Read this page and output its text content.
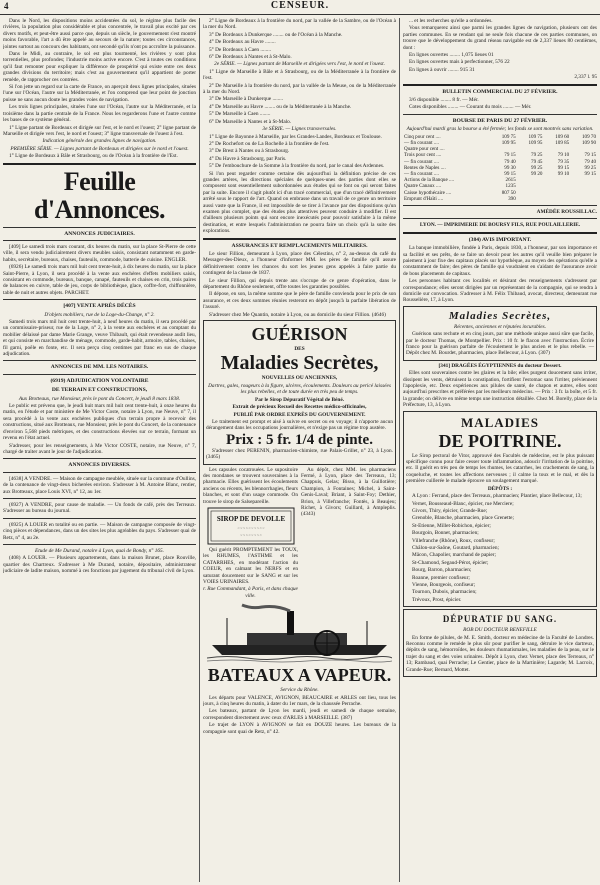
4	CENSEUR.

Dans le Nord, les dispositions moins accidentées du sol, le régime plus facile des rivières, la population plus considérable et plus concentrée, le travail plus excité par ces divers motifs, et peut-être aussi parce que, depuis un siècle, le gouvernement s'est montré moins favorable, l'art a dû être appelé au secours de la nature; toutes ces circonstances, jointes surtout au concours des habitants, ont secondé qu'ils n'ont pu accroître la puissance.

Dans le Midi, au contraire, le sol est plus tourmenté, les rivières y sont plus torrentielles, plus profondes; l'industrie moins active encore. C'est à toutes ces conditions qu'il faut remonter pour expliquer la différence de prospérité qui existe entre ces deux grandes divisions du territoire; mais c'est au gouvernement qu'il appartient de porter remède, de rapprocher ces contrées.

Si l'on jette un regard sur la carte de France, on aperçoit deux lignes principales, situées l'une sur l'Océan, l'autre sur la Méditerranée, et l'on comprend que leur point de jonction puisse ne sans aucun doute les grandes voies de navigation.

Les trois lignes principales, situées l'une sur l'Océan, l'autre sur la Méditerranée, et la troisième dans la partie centrale de la France. Nous les regarderons l'une et l'autre comme les bases de ce système général.

1° Ligne partant de Bordeaux et dirigée sur l'est, et le nord et l'ouest; 2° ligne partant de Marseille et dirigée vers l'est, le nord et l'ouest; 3° ligne transversale de l'ouest à l'est.

Indication générale des grandes lignes de navigation.

PREMIÈRE SÉRIE. — Lignes partant de Bordeaux et dirigées sur le nord et l'ouest.

1° Ligne de Bordeaux à Bâle et Strasbourg, ou de l'Océan à la frontière de l'Est.

Feuille d'Annonces.
ANNONCES JUDICIAIRES.

[409] Le samedi trois mars courant, dix heures du matin, sur la place St-Pierre de cette ville, il sera vendu judiciairement divers meubles saisis, consistant notamment en garde-habits, secrétaire, bureaux, chaises, fauteuils, commode, batterie de cuisine. ENGLER.

(6926) Le samedi trois mars mil huit cent trente-huit, à dix heures du matin, sur la place Saint-Pierre, à Lyon, il sera procédé à la vente aux enchères d'effets mobiliers saisis, consistant en commode, bureaux, banque, canapé, fauteuils et chaises en crin, trois paires de balances en cuivre, table de jeu, corps de bibliothèque, glace, coffre-fort, chiffonnière, table de nuit et autres objets. PARCHET.

[407] VENTE APRÈS DÉCÈS

D'objets mobiliers, rue de la Loge-du-Change, n° 2.

Samedi trois mars mil huit cent trente-huit, à neuf heures du matin, il sera procédé par un commissaire-priseur, rue de la Loge, n° 2, à la vente aux enchères et au comptant du mobilier délaissé par dame Marie Grange, veuve Thibault, qui était revendeuse audit lieu, et qui consiste en marchandise de ménage, commode, garde-habit, armoire, tables, chaises, fil garni, poêle en fonte, etc. Il sera perçu cinq centimes par franc en sus de chaque adjudication.

ANNONCES DE MM. LES NOTAIRES.
(6919) ADJUDICATION VOLONTAIRE
DE TERRAIN ET CONSTRUCTIONS,

Aux Brotteaux, rue Monsieur, près le pont du Concert, le jeudi 8 mars 1838.

Le public est prévenu que, le jeudi huit mars mil huit cent trente-huit, à onze heures du matin, en l'étude et par ministère de Me Victor Coste, notaire à Lyon, rue Neuve, n° 7, il sera procédé à la vente aux enchères publiques d'un terrain propre à recevoir des constructions, situé aux Brotteaux, rue Monsieur, près le pont du Concert, de la contenance d'environ 5,568 pieds métriques, et des constructions élevées sur ce terrain, formant un revenu en l'état actuel.

S'adresser, pour les renseignements, à Me Victor COSTE, notaire, rue Neuve, n° 7, chargé de traiter avant le jour de l'adjudication.

ANNONCES DIVERSES.

[4638] A VENDRE. — Maison de campagne meublée, située sur la commune d'Oullins, de la contenance de vingt-deux bicherées environ. S'adresser à M. Antoine Blanc, rentier, aux Brotteaux, place Louis XVI, n° 12, au 1er.

(6927) A VENDRE, pour cause de maladie. — Un fonds de café, près des Terreaux. S'adresser au bureau du journal.

(6925) A LOUER en totalité ou en partie. — Maison de campagne composée de vingt-cinq pièces et dépendances, dans un des sites les plus agréables du pays. S'adresser quai de Retz, n° 4, au 2e.

Etude de Me Durand, notaire à Lyon, quai de Bondy, n° 165.

(408) A LOUER. — Plusieurs appartements, dans la maison Brunet, place Rouville, quartier des Chartreux. S'adresser à Me Durand, notaire, dépositaire, administrateur judiciaire de ladite maison, nommé à ces fonctions par jugement du tribunal civil de Lyon.

2° Ligne de Bordeaux à la frontière du nord, par la vallée de la Sambre, ou de l'Océan à la mer du Nord.

3° De Bordeaux à Dunkerque ........ ou de l'Océan à la Manche.

4° De Bordeaux au Havre ........

5° De Bordeaux à Caen ........

6° De Bordeaux à Nantes et à St-Malo.

2e SÉRIE. — Lignes partant de Marseille et dirigées vers l'est, le nord et l'ouest.

1° Ligne de Marseille à Bâle et à Strasbourg, ou de la Méditerranée à la frontière de l'est.

2° De Marseille à la frontière du nord, par la vallée de la Meuse, ou de la Méditerranée à la mer du Nord.

3° De Marseille à Dunkerque ........

4° De Marseille au Havre ........ ou de la Méditerranée à la Manche.

5° De Marseille à Caen ........

6° De Marseille à Nantes et à St-Malo.

3e SÉRIE. — Lignes transversales.

1° Ligne de Bayonne à Marseille, par les Grandes-Landes, Bordeaux et Toulouse.

2° De Rochefort ou de La Rochelle à la frontière de l'est.

3° De Brest à Nantes ou à Strasbourg.

4° Du Havre à Strasbourg, par Paris.

5° De l'embouchure de la Somme à la frontière du nord, par le canal des Ardennes.

Si l'on peut regarder comme certaine dès aujourd'hui la définition précise de ces grandes artères, les directions spéciales de quelques-unes des parties dont elles se composent sont essentiellement subordonnées aux études qui se font ou qui seront faites par la suite. Encore il s'agit plutôt ici d'un tracé commercial, que d'un tracé définitivement arrêté sous le rapport de l'art. Quand on embrasse dans un travail de ce genre un territoire aussi vaste que la France, il est impossible de se tirer à l'avance par des dispositions qu'un examen plus complet, que des études plus attentives peuvent conduire à modifier. Il est d'ailleurs plusieurs points qui sont encore inexécutés pour pouvoir satisfaire à la même destination, et entre lesquels l'administration ne pourra faire un choix qu'à la suite des explorations.

ASSURANCES ET REMPLACEMENTS MILITAIRES.

Le sieur Fillion, demeurant à Lyon, place des Célestins, n° 2, au-dessus du café du Messager-des-Dieux, a l'honneur d'informer MM. les pères de famille qu'il assure définitivement contre les chances du sort les jeunes gens appelés à faire partie du contingent de la classe de 1837.

Le sieur Fillion, qui depuis trente ans s'occupe de ce genre d'opération, dans le département du Rhône seulement, offre toutes les garanties possibles.

Il dépose, en son, la même somme que le père de famille convienda pour le prix de son assurance, et ces deux sommes réunies resteront en dépôt jusqu'à la parfaite libération de l'assuré.

S'adresser chez Me Quantin, notaire à Lyon, ou au domicile du sieur Fillion. (4646)

GUÉRISON

DES

Maladies Secrètes,

NOUVELLES OU ANCIENNES,

Dartres, gales, rougeurs à la figure, ulcères, écoulements. Douleurs au pericé laissées les plus rebelles, et de toute durée en très peu de temps.

Par le Sirop Dépuratif Végétal de Béné.

Extrait de précieux Recueil des Recettes médico-officinales,

PUBLIÉ PAR ORDRE EXPRÈS DU GOUVERNEMENT.

Le traitement est prompt et aisé à suivre en secret ou en voyage; il n'apporte aucun dérangement dans les occupations journalières, et n'exige pas un régime trop austère.

Prix : 5 fr. 1/4 de pinte.

S'adresser chez PERENIN, pharmacien-chimiste, rue Palais-Grillet, n° 23, à Lyon. (3465)

Les capsules cocatrouées. Le supositoire des mondanes se trouvent souveraines à la pharmacie. Elles guérissent les écoulements anciens ou récents, les blennorrhagies, fleurs blanches, et sont d'un usage commode. On trouve le sirop de Salsepareille.

SIROP DE DEVOLLE
~ ~ ~ ~ ~ ~ ~ ~ ~ ~
~ ~ ~ ~ ~ ~ ~ ~

Qui guérit PROMPTEMENT les TOUX, les RHUMES, l'ASTHME et les CATARRHES, en modérant l'action du COEUR, en calmant les NERFS et en saturant doucement sur le SANG et sur les VOIES URINAIRES.

r. Rue Commandant, à Paris, et dans chaque ville.

Au dépôt, chez MM. les pharmaciens Fermé, à Lyon, place des Terreaux, 13; Chappuis, Gelas; Bisso, à la Guillotière; Champion, à Fontaines; Michel, à Saint-Genis-Laval; Briant, à Saint-Foy; Dethier, Brion, à Villefranche; Fontès, à Beaujeu; Richet, à Givors; Guillard, à Ampleplis. (4343)

BATEAUX A VAPEUR.

Service du Rhône.

Les départs pour VALENCE, AVIGNON, BEAUCAIRE et ARLES ont lieu, tous les jours, à cinq heures du matin, à dater du 1er mars, de la chaussée Perrache.

Les bateaux, partant de Lyon les mardi, jeudi et samedi de chaque semaine, correspondent directement avec ceux d'ARLES à MARSEILLE. (387)

Le trajet de LYON à AVIGNON se fait en DOUZE heures. Les bureaux de la compagnie sont quai de Retz, n° 42.

... et les recherches qu'elle a ordonnées.

Vous remarquerez ainsi que parmi les grandes lignes de navigation, plusieurs ont des parties communes. En se rendant qui ne seule fois chacune de ces parties communes, on trouve que le développement du grand réseau navigable est de 2,337 lieues 80 centièmes, dont :

En lignes ouvertes ........ 1,075 lieues 01

En lignes ouvertes mais à perfectionner, 576 22

En lignes à ouvrir ........ 915 31

2,337 l. 95

BULLETIN COMMERCIAL DU 27 FÉVRIER.

3/6 disponible ........ 8 fr. — Mér.

Cotes disponibles ........ — Courant du mois ........ — Mér.

BOURSE DE PARIS DU 27 FÉVRIER.

Aujourd'hui mardi gras la bourse a été fermée; les fonds se sont montrés sans variation.

Cinq pour cent ....	109 75	109 75	109 60	109 70
— fin courant ....	109 95	109 95	109 85	109 90
Quatre pour cent ....				
Trois pour cent ....	79 15	79 25	79 10	79 15
— fin courant ....	79 40	79 45	79 35	79 40
Rentes de Naples ....	99 30	99 25	99 15	99 25
— fin courant ....	99 15	99 20	99 10	99 15
Actions de la Banque ....	2615			
Quatre Canaux ....	1235			
Caisse hypothécaire ....	807 50			
Emprunt d'Haïti ....	390			

AMÉDÉE ROUSSILLAC.

LYON. — IMPRIMERIE DE BOURSY FILS, RUE POULAILLERIE.

(384) AVIS IMPORTANT.

La banque immobilière, fondée à Paris, depuis 1830, a l'honneur, par son importance et sa facilité et ses prêts, de se faire un devoir pour les autres qu'il veuille bien préparer le paiement à jour fixe des capitaux placés sur hypothèque, au moyen des opérations qu'elle a constamment de faire; des pères de famille qui voudraient en s'aidant de l'assurance avoir de bons placements de capitaux.

Les personnes habitant ces localités et désirant des renseignements s'adressent par correspondance; elles seront dirigées par un représentant de la compagnie, qui se rendra à domicile sur convocation. S'adresser à M. Félix Thibaud, avocat, directeur, demeurant rue Rousselière, 17, à Lyon.

Maladies Secrètes,

Récentes, anciennes et réputées incurables.

Guérison sans rechute et en cinq jours, par une méthode unique aussi sûre que facile, par le docteur Thomas, de Montpellier. Prix : 10 fr. le flacon avec l'instruction. Écrire franco pour la guérison parfaite de l'écoulement le plus ancien et le plus rebelle. — Dépôt chez M. Bourdet, pharmacien, place Bellecour, à Lyon. (307)

[341] DRAGÉES ÉGYPTIENNES du docteur Dessert.

Elles sont souveraines contre les glaires et la bile; elles purgent doucement sans irriter, dissipent les vents, détruisent la constipation, fortifient l'estomac sans l'irriter, préviennent l'apoplexie, etc. Deux expériences aux pilules de santé, de chapon et autres, elles sont aujourd'hui prescrites et préférées par les meilleurs médecins. — Prix : 3 fr. la boîte, et 5 fr. la grande; on délivre en même temps une instruction détaillée. Chez M. Borelly, place de la Préfecture, 13, à Lyon.

MALADIES
DE POITRINE.

Le Sirop pectoral de Vitor, approuvé des Facultés de médecine, est le plus puissant spécifique connu pour faire cesser toute inflammation, adoucir l'irritation de la poitrine, etc. Il guérit en très peu de temps les rhumes, les catarrhes, les crachements de sang, la coqueluche, et toutes les affections nerveuses ; il calme la toux et le mal, et dès la première cuillerée le malade éprouve un soulagement marqué.

DÉPÔTS :

A Lyon : Ferrand, place des Terreaux, pharmacien; Plantier, place Bellecour, 13;

Vernet, Bousseaud-Blanc, épicier, rue Merciere;

Givors, Thiry, épicier, Grande-Rue;

Grenoble, Blanche, pharmacien, place Grenette;

St-Etienne, Millet-Robichon, épicier;

Bourgoin, Bonnet, pharmacien;

Villefranche (Rhône), Roux, confiseur;

Châlon-sur-Saône, Goutard, pharmacien;

Mâcon, Chapolier, marchand de papier;

St-Chamond, Segaud-Pérot, épicier;

Bourg, Barron, pharmacien;

Roanne, premier confiseur;

Vienne, Bourgeois, confiseur;

Tournon, Dubois, pharmacien;

Trévoux, Prost, épicier.

DÉPURATIF DU SANG.

ROB DU DOCTEUR BENEFILLE

En forme de pilules, de M. E. Smith, docteur en médecine de la Faculté de Londres. Reconnu comme le remède le plus sûr pour purifier le sang, détruire le vice dartreux, dépôts de sang, hémorroïdes, les douleurs rhumatismales, les maladies de la peau, sur le trajet du sang et des voies urinaires. Dépôt à Lyon, chez Vernet, place des Terreaux, n° 13; Rambaud, quai Perrache; Le Gentier, place de la Martinière; Lagarde; M. Lacroix, Grande-Rue; Bernard, Mottet.
